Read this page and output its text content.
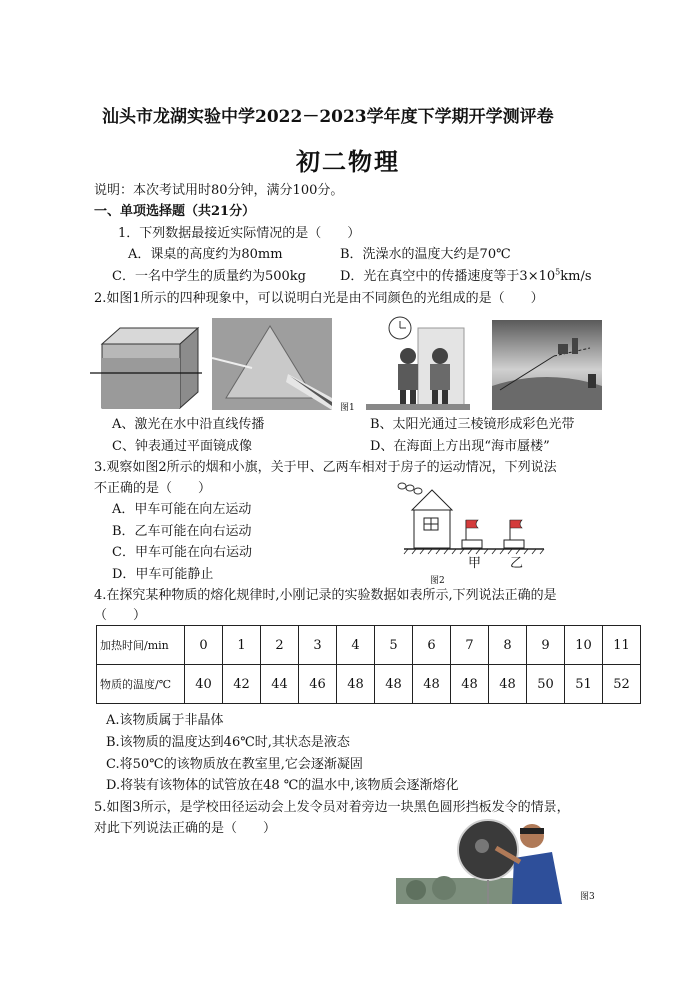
汕头市龙湖实验中学2022－2023学年度下学期开学测评卷
初二物理
说明：本次考试用时80分钟，满分100分。
一、单项选择题（共21分）
1．下列数据最接近实际情况的是（　　）
A．课桌的高度约为80mm	B．洗澡水的温度大约是70℃
C．一名中学生的质量约为500kg	D．光在真空中的传播速度等于$3\times 10^5km/s$
2.如图1所示的四种现象中，可以说明白光是由不同颜色的光组成的是（　　）
图1
A、激光在水中沿直线传播	B、太阳光通过三棱镜形成彩色光带
C、钟表通过平面镜成像	D、在海面上方出现“海市蜃楼”
3.观察如图2所示的烟和小旗，关于甲、乙两车相对于房子的运动情况，下列说法
不正确的是（　　）
A．甲车可能在向左运动
B．乙车可能在向右运动
C．甲车可能在向右运动
D．甲车可能静止
甲 乙
图2
4.在探究某种物质的熔化规律时,小刚记录的实验数据如表所示,下列说法正确的是
（　　）
加热时间/min	0	1	2	3	4	5	6	7	8	9	10	11
物质的温度/℃	40	42	44	46	48	48	48	48	48	50	51	52
A.该物质属于非晶体
B.该物质的温度达到46℃时,其状态是液态
C.将50℃的该物质放在教室里,它会逐渐凝固
D.将装有该物体的试管放在48 ℃的温水中,该物质会逐渐熔化
5.如图3所示，是学校田径运动会上发令员对着旁边一块黑色圆形挡板发令的情景，
对此下列说法正确的是（　　）
图3
